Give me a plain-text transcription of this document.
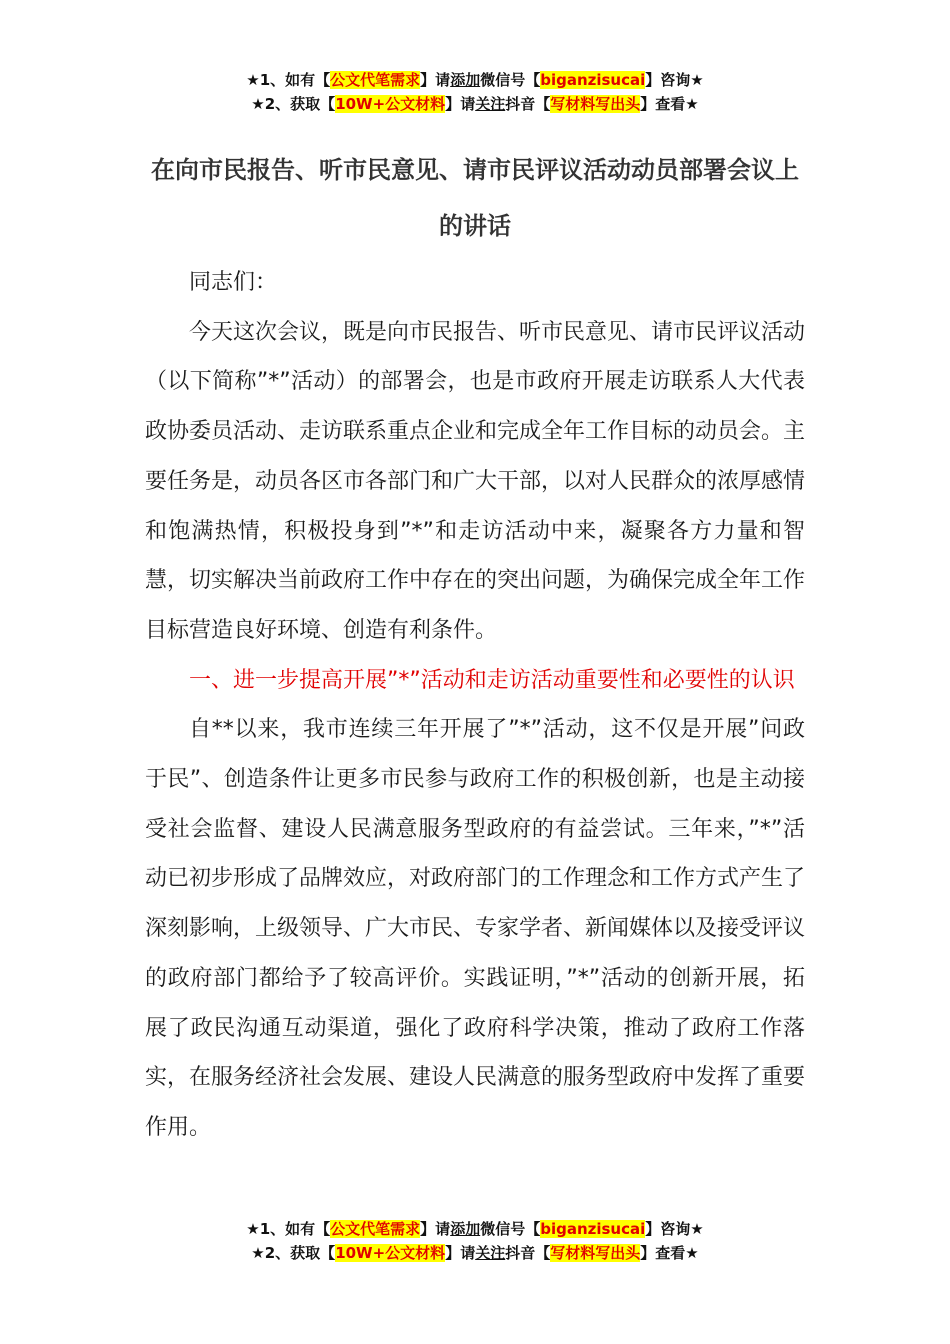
★1、如有【公文代笔需求】请添加微信号【biganzisucai】咨询★
★2、获取【10W+公文材料】请关注抖音【写材料写出头】查看★
在向市民报告、听市民意见、请市民评议活动动员部署会议上的讲话

同志们：

今天这次会议，既是向市民报告、听市民意见、请市民评议活动（以下简称”*”活动）的部署会，也是市政府开展走访联系人大代表政协委员活动、走访联系重点企业和完成全年工作目标的动员会。主要任务是，动员各区市各部门和广大干部，以对人民群众的浓厚感情和饱满热情，积极投身到”*”和走访活动中来，凝聚各方力量和智慧，切实解决当前政府工作中存在的突出问题，为确保完成全年工作目标营造良好环境、创造有利条件。

一、进一步提高开展”*”活动和走访活动重要性和必要性的认识

自**以来，我市连续三年开展了”*”活动，这不仅是开展”问政于民”、创造条件让更多市民参与政府工作的积极创新，也是主动接受社会监督、建设人民满意服务型政府的有益尝试。三年来，”*”活动已初步形成了品牌效应，对政府部门的工作理念和工作方式产生了深刻影响，上级领导、广大市民、专家学者、新闻媒体以及接受评议的政府部门都给予了较高评价。实践证明，”*”活动的创新开展，拓展了政民沟通互动渠道，强化了政府科学决策，推动了政府工作落实，在服务经济社会发展、建设人民满意的服务型政府中发挥了重要作用。

★1、如有【公文代笔需求】请添加微信号【biganzisucai】咨询★
★2、获取【10W+公文材料】请关注抖音【写材料写出头】查看★
